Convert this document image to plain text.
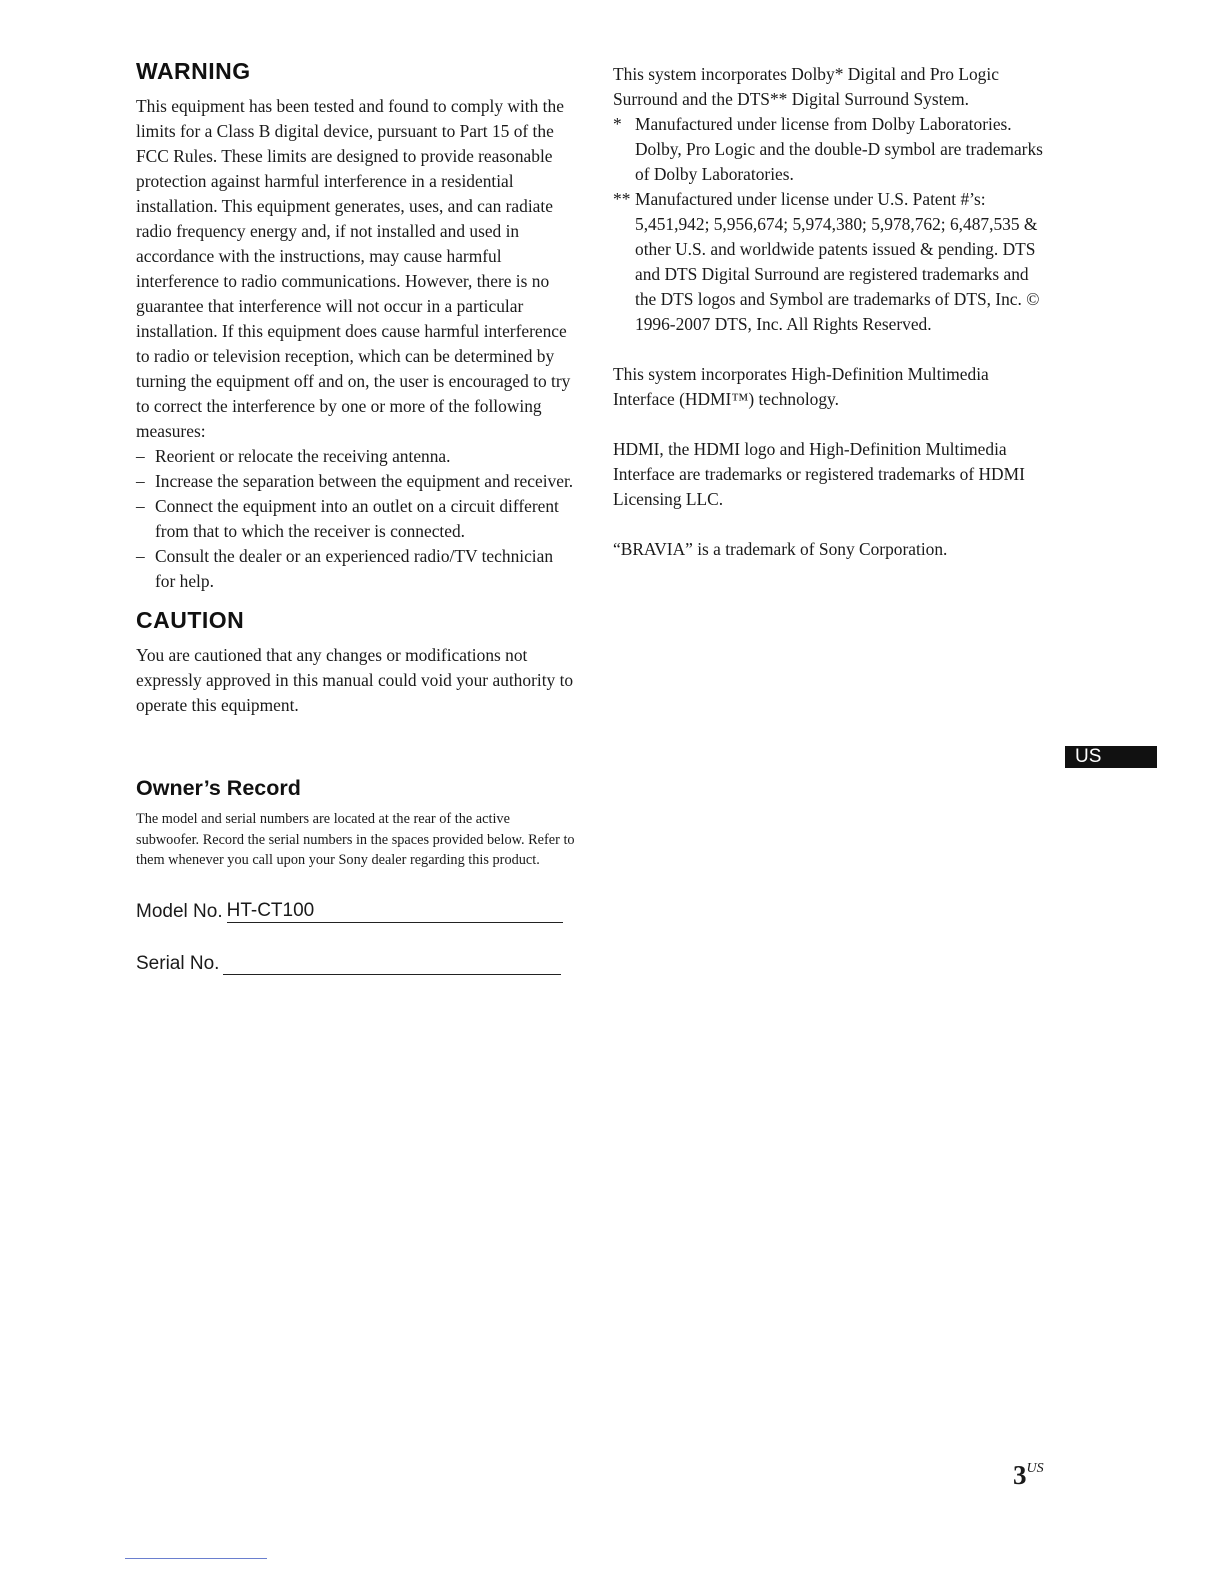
WARNING

This equipment has been tested and found to comply with the limits for a Class B digital device, pursuant to Part 15 of the FCC Rules. These limits are designed to provide reasonable protection against harmful interference in a residential installation. This equipment generates, uses, and can radiate radio frequency energy and, if not installed and used in accordance with the instructions, may cause harmful interference to radio communications. However, there is no guarantee that interference will not occur in a particular installation. If this equipment does cause harmful interference to radio or television reception, which can be determined by turning the equipment off and on, the user is encouraged to try to correct the interference by one or more of the following measures:

– Reorient or relocate the receiving antenna.
– Increase the separation between the equipment and receiver.
– Connect the equipment into an outlet on a circuit different from that to which the receiver is connected.
– Consult the dealer or an experienced radio/TV technician for help.
CAUTION

You are cautioned that any changes or modifications not expressly approved in this manual could void your authority to operate this equipment.

Owner’s Record

The model and serial numbers are located at the rear of the active subwoofer. Record the serial numbers in the spaces provided below. Refer to them whenever you call upon your Sony dealer regarding this product.

Model No. HT-CT100
Serial No.

This system incorporates Dolby* Digital and Pro Logic Surround and the DTS** Digital Surround System.

* Manufactured under license from Dolby Laboratories.
Dolby, Pro Logic and the double-D symbol are trademarks of Dolby Laboratories.
** Manufactured under license under U.S. Patent #’s: 5,451,942; 5,956,674; 5,974,380; 5,978,762; 6,487,535 & other U.S. and worldwide patents issued & pending. DTS and DTS Digital Surround are registered trademarks and the DTS logos and Symbol are trademarks of DTS, Inc. © 1996-2007 DTS, Inc. All Rights Reserved.

This system incorporates High-Definition Multimedia Interface (HDMI™) technology.

HDMI, the HDMI logo and High-Definition Multimedia Interface are trademarks or registered trademarks of HDMI Licensing LLC.

“BRAVIA” is a trademark of Sony Corporation.

US
$3^{US}$
